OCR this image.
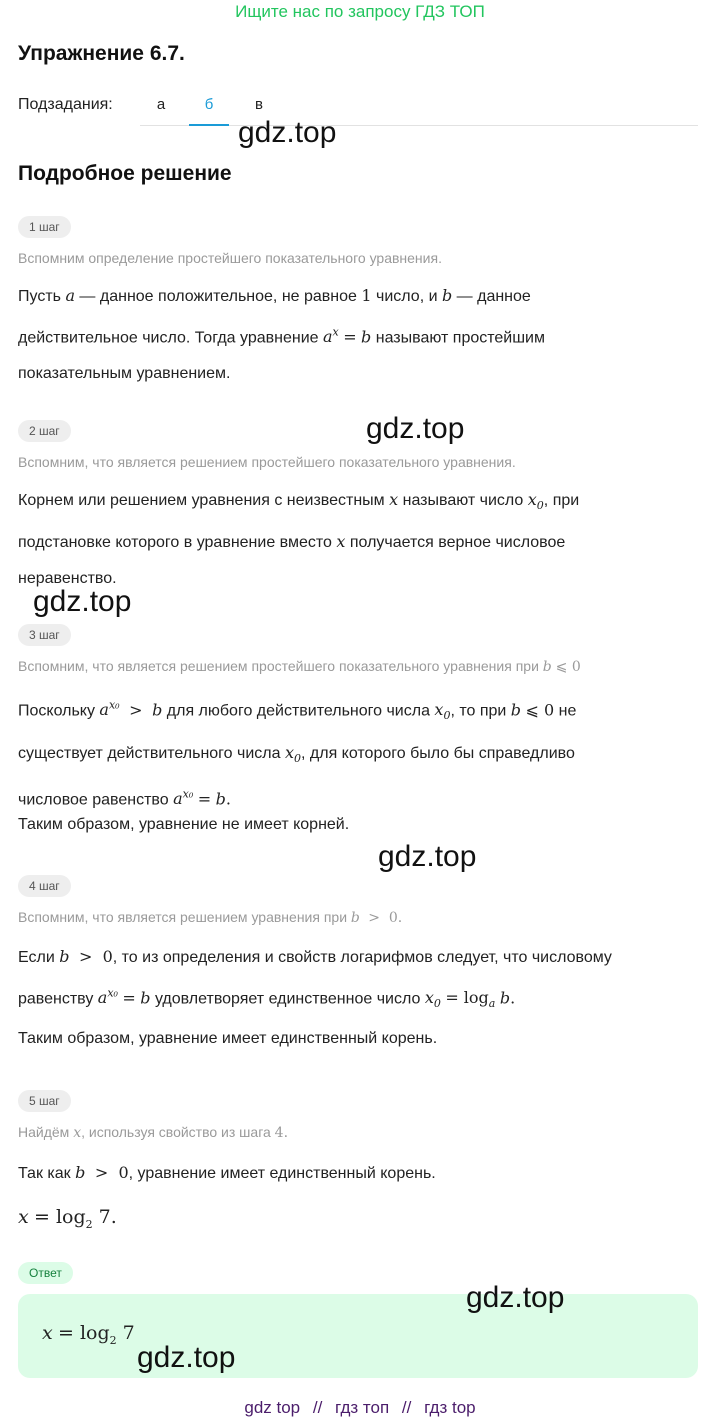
Ищите нас по запросу ГДЗ ТОП
Упражнение 6.7.
Подзадания:	а	б	в
gdz.top
Подробное решение
1 шаг
Вспомним определение простейшего показательного уравнения.
Пусть a — данное положительное, не равное 1 число, и b — данное
действительное число. Тогда уравнение $a^x = b$ называют простейшим
показательным уравнением.
2 шаг	gdz.top
Вспомним, что является решением простейшего показательного уравнения.
Корнем или решением уравнения с неизвестным x называют число $x_0$, при
подстановке которого в уравнение вместо x получается верное числовое
неравенство.
gdz.top
3 шаг
Вспомним, что является решением простейшего показательного уравнения при b ⩽ 0
Поскольку $a^{x_0} > b$ для любого действительного числа $x_0$, то при b ⩽ 0 не
существует действительного числа $x_0$, для которого было бы справедливо
числовое равенство $a^{x_0} = b$.
Таким образом, уравнение не имеет корней.
gdz.top
4 шаг
Вспомним, что является решением уравнения при b  >  0.
Если b  >  0, то из определения и свойств логарифмов следует, что числовому
равенству $a^{x_0} = b$ удовлетворяет единственное число $x_0 = \log_a b$.
Таким образом, уравнение имеет единственный корень.
5 шаг
Найдём x, используя свойство из шага 4.
Так как b  >  0, уравнение имеет единственный корень.
$x = \log_2 7$.
Ответ
$x = \log_2 7$
gdz.top
gdz.top
gdz top // гдз топ // гдз top
